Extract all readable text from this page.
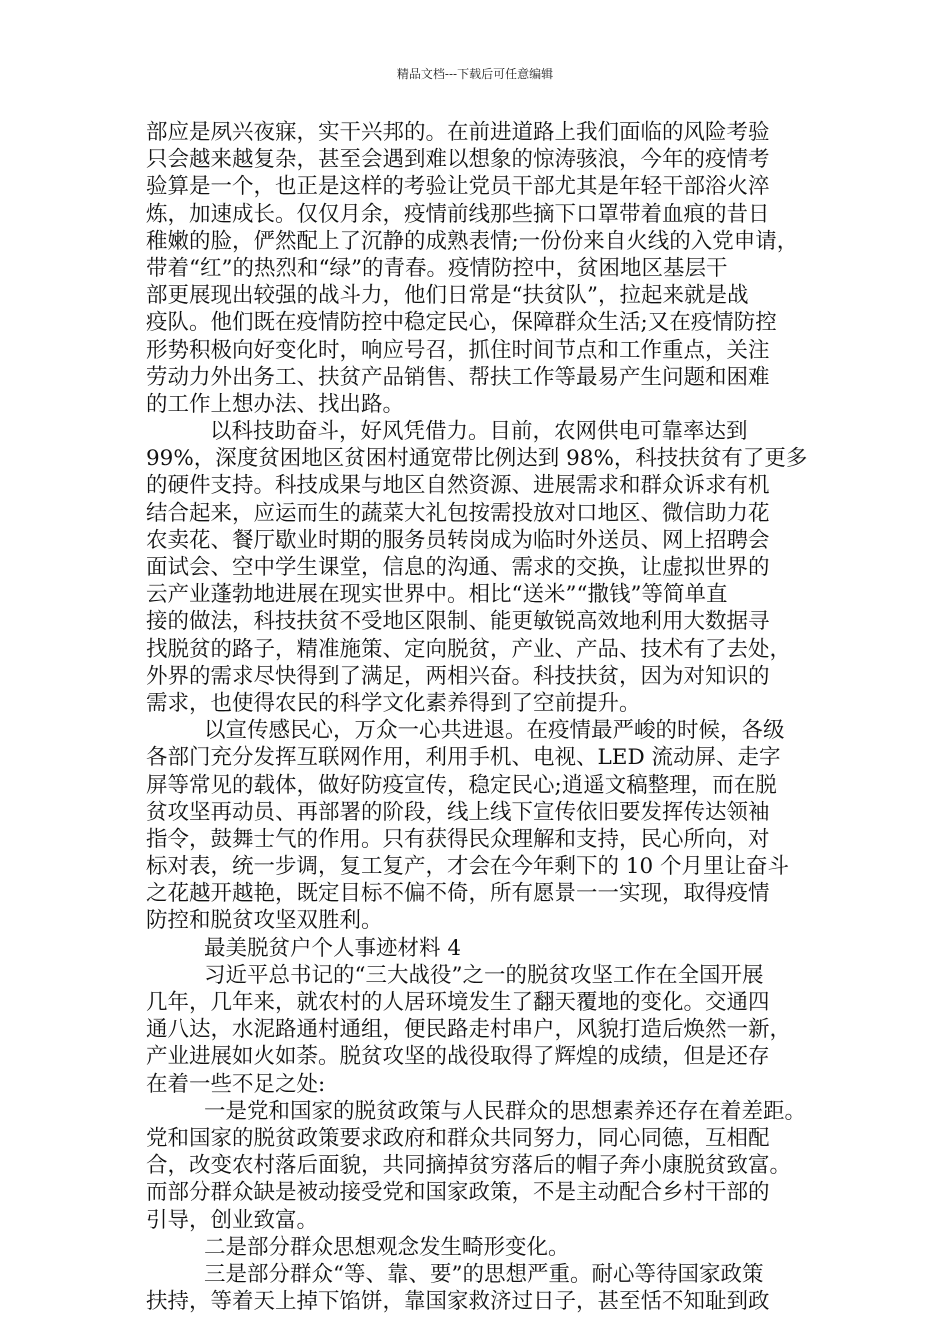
精品文档---下载后可任意编辑
部应是夙兴夜寐，实干兴邦的。在前进道路上我们面临的风险考验
只会越来越复杂，甚至会遇到难以想象的惊涛骇浪，今年的疫情考
验算是一个，也正是这样的考验让党员干部尤其是年轻干部浴火淬
炼，加速成长。仅仅月余，疫情前线那些摘下口罩带着血痕的昔日
稚嫩的脸，俨然配上了沉静的成熟表情;一份份来自火线的入党申请，
带着“红”的热烈和“绿”的青春。疫情防控中，贫困地区基层干
部更展现出较强的战斗力，他们日常是“扶贫队”，拉起来就是战
疫队。他们既在疫情防控中稳定民心，保障群众生活;又在疫情防控
形势积极向好变化时，响应号召，抓住时间节点和工作重点，关注
劳动力外出务工、扶贫产品销售、帮扶工作等最易产生问题和困难
的工作上想办法、找出路。
以科技助奋斗，好风凭借力。目前，农网供电可靠率达到
99%，深度贫困地区贫困村通宽带比例达到 98%，科技扶贫有了更多
的硬件支持。科技成果与地区自然资源、进展需求和群众诉求有机
结合起来，应运而生的蔬菜大礼包按需投放对口地区、微信助力花
农卖花、餐厅歇业时期的服务员转岗成为临时外送员、网上招聘会
面试会、空中学生课堂，信息的沟通、需求的交换，让虚拟世界的
云产业蓬勃地进展在现实世界中。相比“送米”“撒钱”等简单直
接的做法，科技扶贫不受地区限制、能更敏锐高效地利用大数据寻
找脱贫的路子，精准施策、定向脱贫，产业、产品、技术有了去处，
外界的需求尽快得到了满足，两相兴奋。科技扶贫，因为对知识的
需求，也使得农民的科学文化素养得到了空前提升。
以宣传感民心，万众一心共进退。在疫情最严峻的时候，各级
各部门充分发挥互联网作用，利用手机、电视、LED 流动屏、走字
屏等常见的载体，做好防疫宣传，稳定民心;逍遥文稿整理，而在脱
贫攻坚再动员、再部署的阶段，线上线下宣传依旧要发挥传达领袖
指令，鼓舞士气的作用。只有获得民众理解和支持，民心所向，对
标对表，统一步调，复工复产，才会在今年剩下的 10 个月里让奋斗
之花越开越艳，既定目标不偏不倚，所有愿景一一实现，取得疫情
防控和脱贫攻坚双胜利。
最美脱贫户个人事迹材料 4
习近平总书记的“三大战役”之一的脱贫攻坚工作在全国开展
几年，几年来，就农村的人居环境发生了翻天覆地的变化。交通四
通八达，水泥路通村通组，便民路走村串户，风貌打造后焕然一新，
产业进展如火如荼。脱贫攻坚的战役取得了辉煌的成绩，但是还存
在着一些不足之处:
一是党和国家的脱贫政策与人民群众的思想素养还存在着差距。
党和国家的脱贫政策要求政府和群众共同努力，同心同德，互相配
合，改变农村落后面貌，共同摘掉贫穷落后的帽子奔小康脱贫致富。
而部分群众缺是被动接受党和国家政策，不是主动配合乡村干部的
引导，创业致富。
二是部分群众思想观念发生畸形变化。
三是部分群众“等、靠、要”的思想严重。耐心等待国家政策
扶持，等着天上掉下馅饼，靠国家救济过日子，甚至恬不知耻到政
